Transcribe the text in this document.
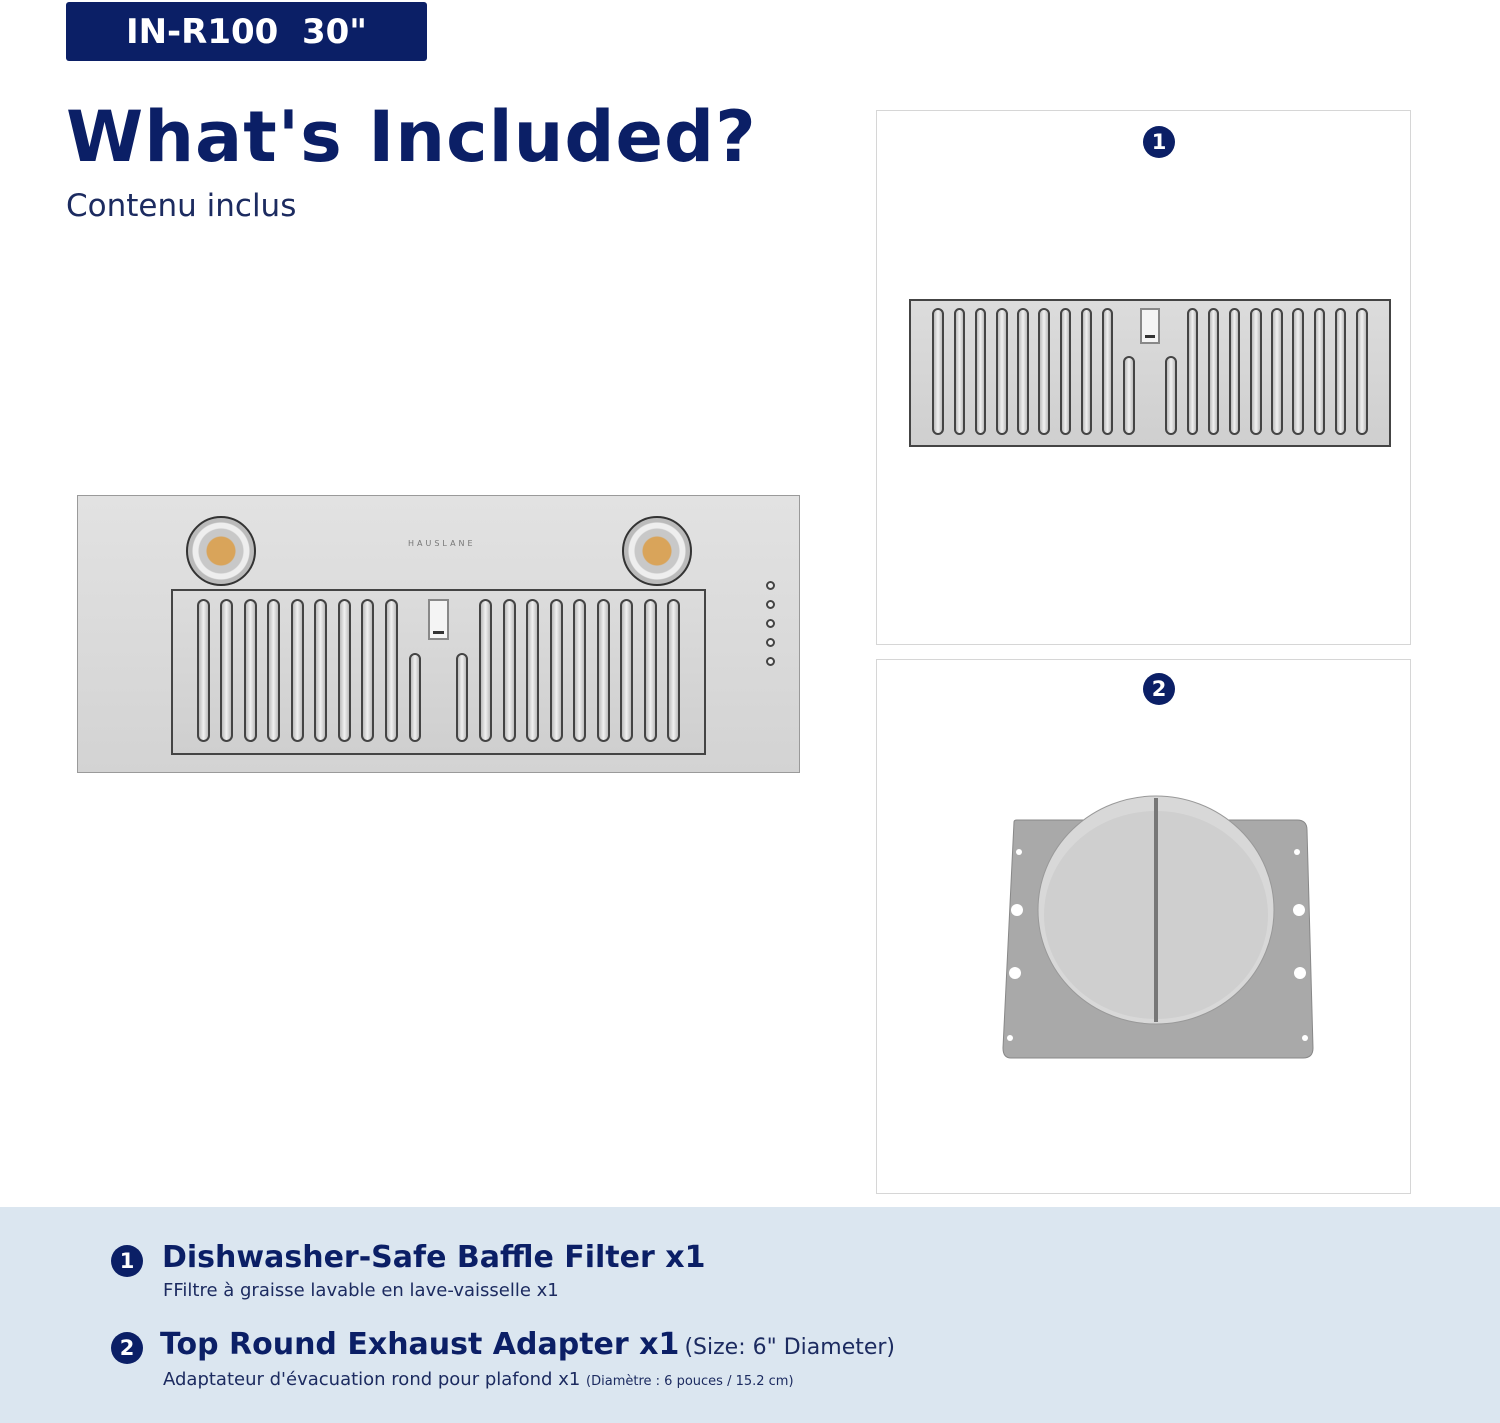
IN-R100  30"
What's Included?
Contenu inclus
HAUSLANE
1
2
1 Dishwasher-Safe Baffle Filter x1
FFiltre à graisse lavable en lave-vaisselle x1
2 Top Round Exhaust Adapter x1 (Size: 6" Diameter)
Adaptateur d'évacuation rond pour plafond x1 (Diamètre : 6 pouces / 15.2 cm)
